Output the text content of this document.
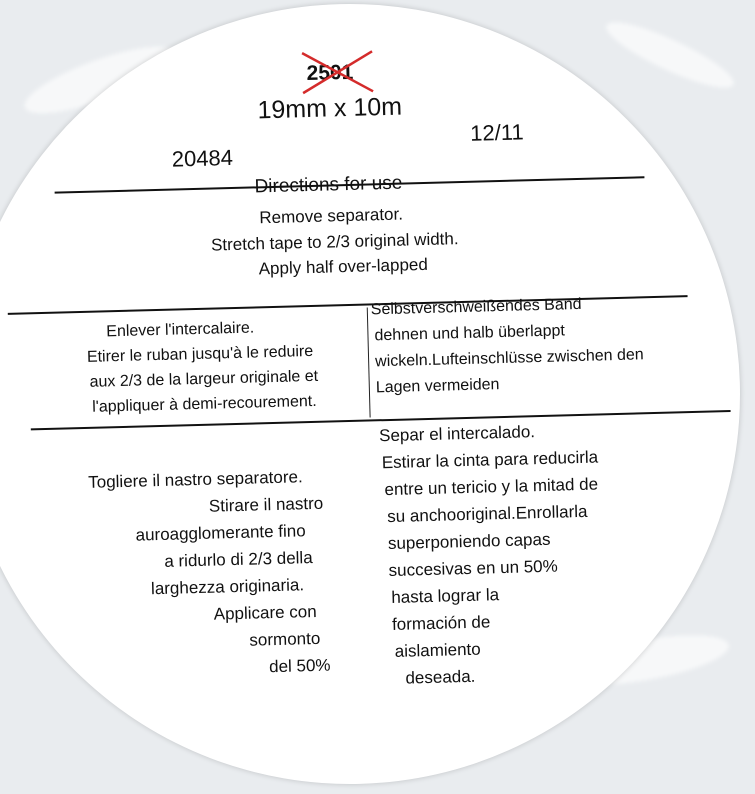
2501
19mm x 10m
20484
12/11
Directions for use
Remove separator.
Stretch tape to 2/3 original width.
Apply half over-lapped
Enlever l'intercalaire.
Etirer le ruban jusqu'à le reduire
aux 2/3 de la largeur originale et
l'appliquer à demi-recourement.
Selbstverschweißendes Band
dehnen und halb überlappt
wickeln.Lufteinschlüsse zwischen den
Lagen vermeiden
Togliere il nastro separatore.
Stirare il nastro
auroagglomerante fino
a ridurlo di 2/3 della
larghezza originaria.
Applicare con
sormonto
del 50%
Separ el intercalado.
Estirar la cinta para reducirla
entre un tericio y la mitad de
su anchooriginal.Enrollarla
superponiendo capas
succesivas en un 50%
hasta lograr la
formación de
aislamiento
deseada.
